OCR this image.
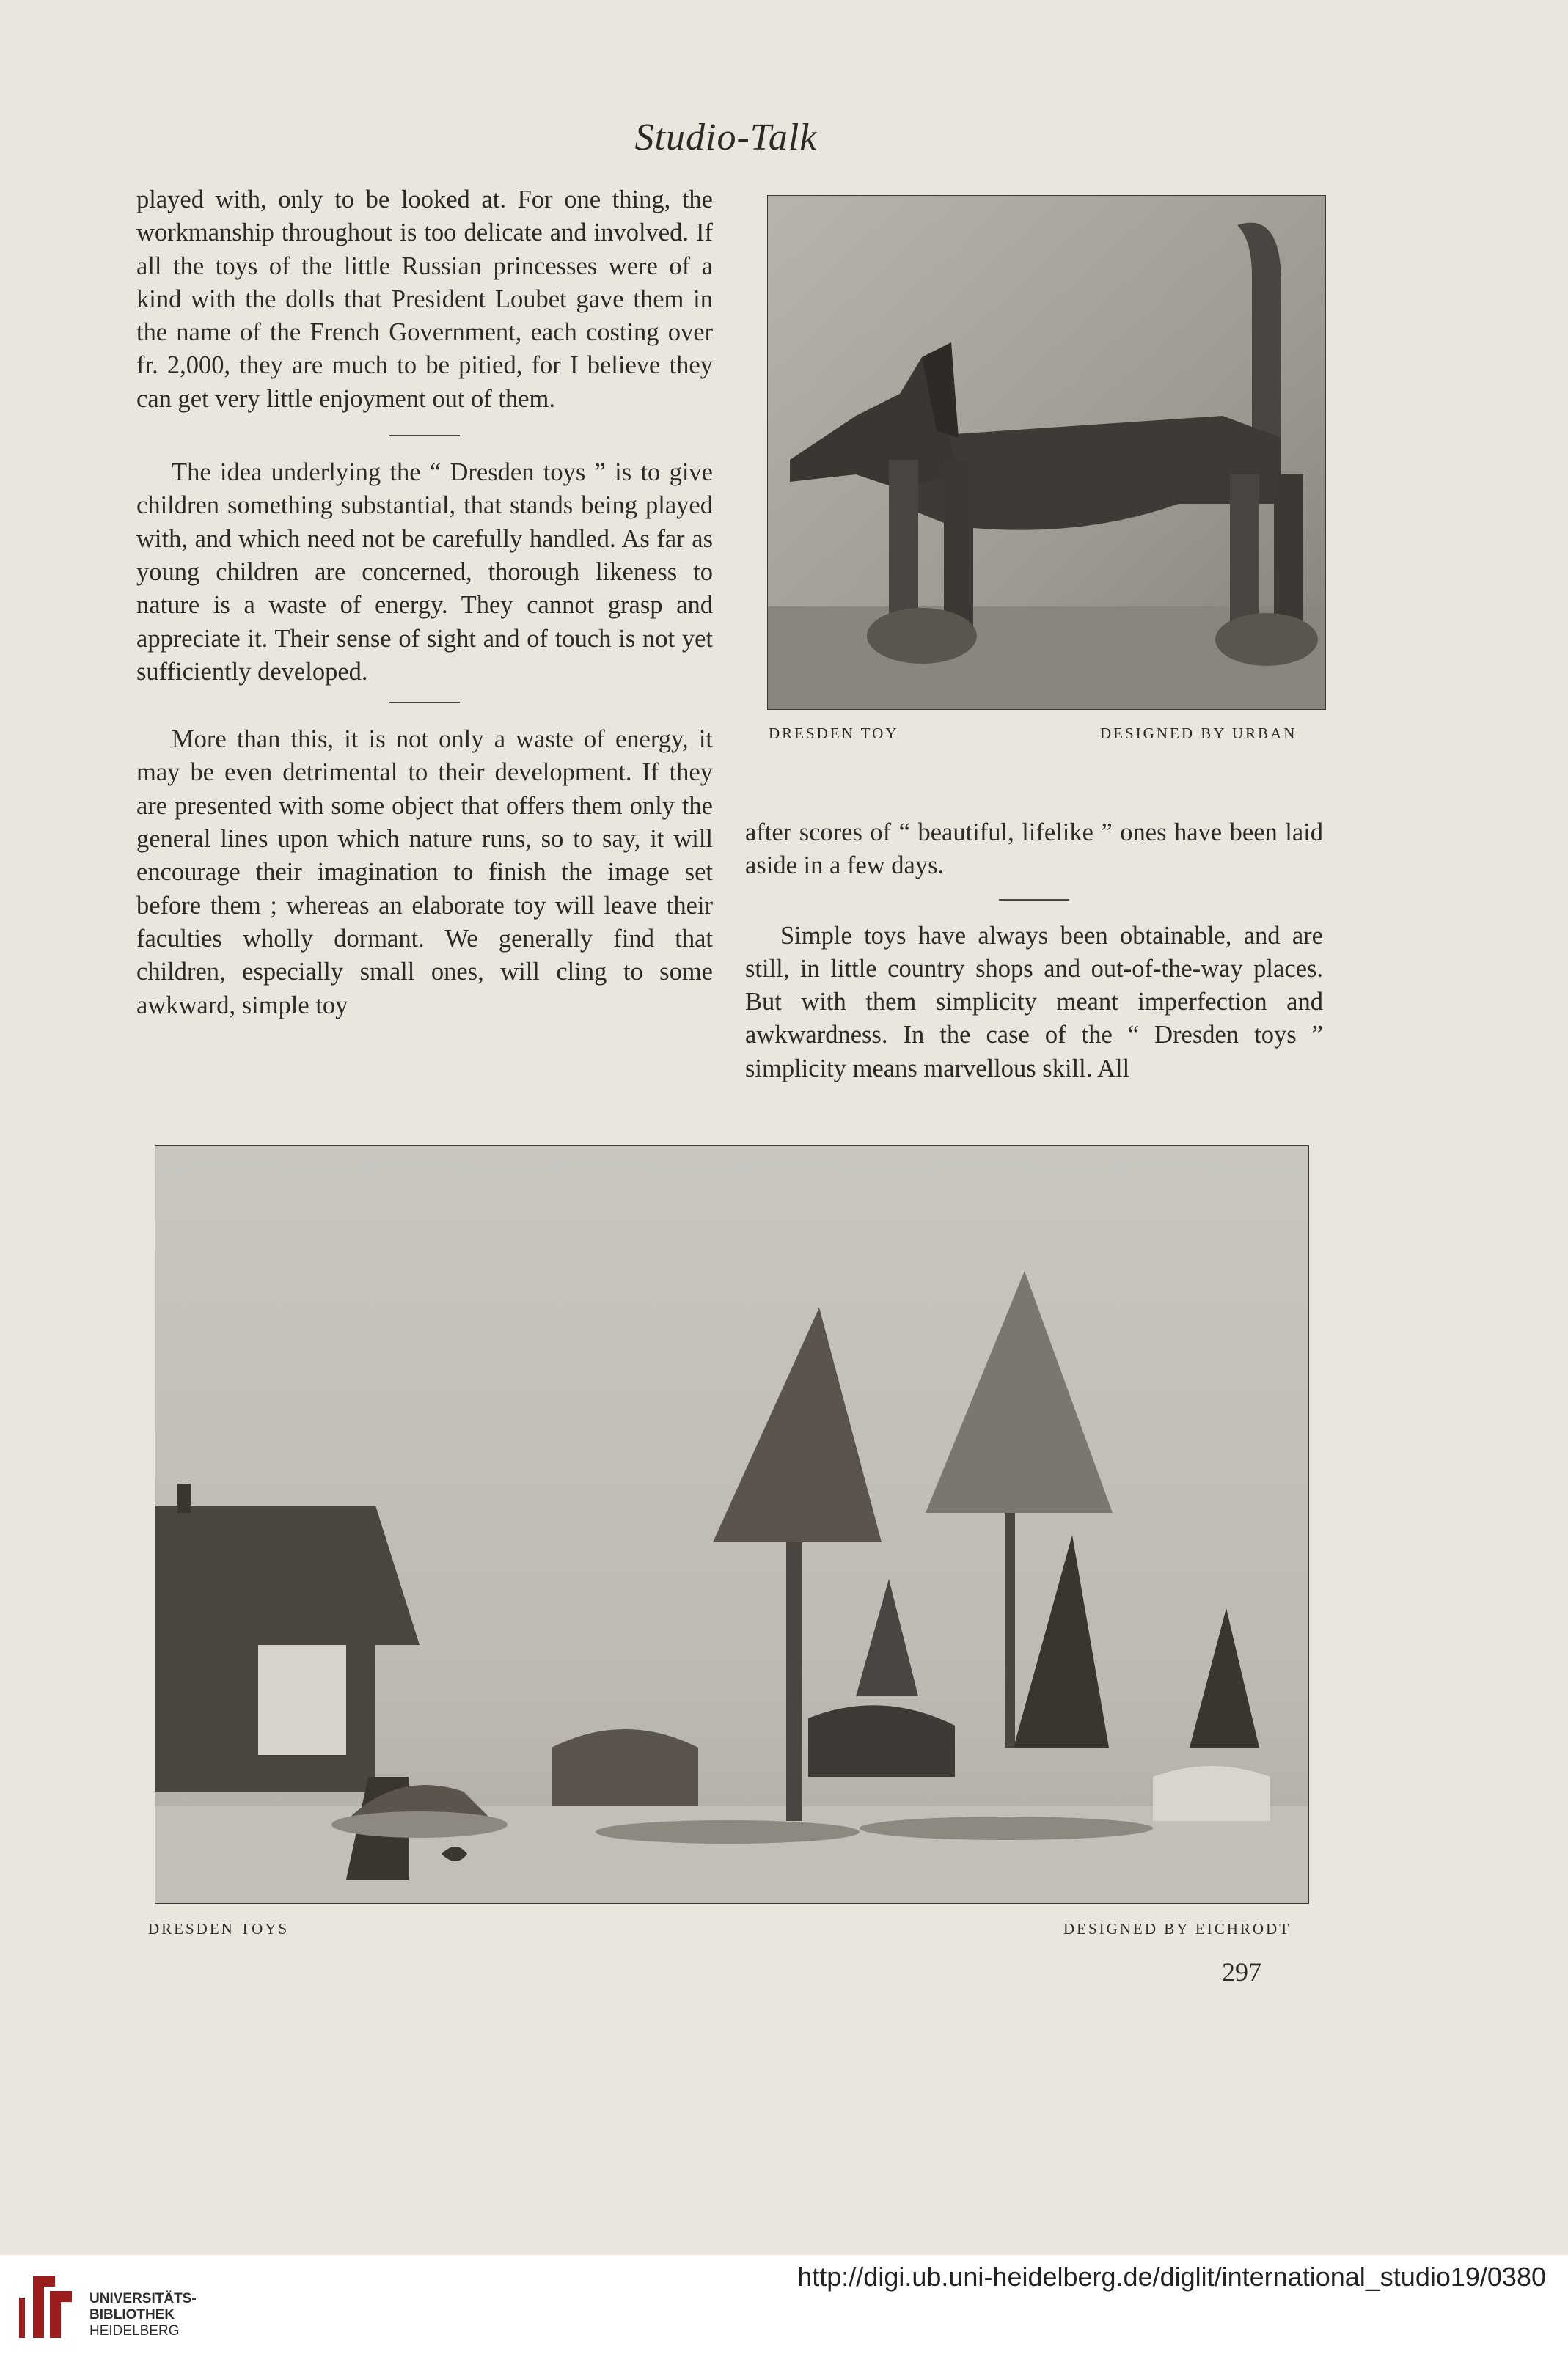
Studio-Talk

played with, only to be looked at. For one thing, the workmanship throughout is too delicate and involved. If all the toys of the little Russian princesses were of a kind with the dolls that President Loubet gave them in the name of the French Government, each costing over fr. 2,000, they are much to be pitied, for I believe they can get very little enjoyment out of them.

The idea underlying the “ Dresden toys ” is to give children something substantial, that stands being played with, and which need not be carefully handled. As far as young children are concerned, thorough likeness to nature is a waste of energy. They cannot grasp and appreciate it. Their sense of sight and of touch is not yet sufficiently developed.

More than this, it is not only a waste of energy, it may be even detrimental to their development. If they are presented with some object that offers them only the general lines upon which nature runs, so to say, it will encourage their imagination to finish the image set before them ; whereas an elaborate toy will leave their faculties wholly dormant. We generally find that children, especially small ones, will cling to some awkward, simple toy

DRESDEN TOY	DESIGNED BY URBAN

after scores of “ beautiful, lifelike ” ones have been laid aside in a few days.

Simple toys have always been obtainable, and are still, in little country shops and out-of-the-way places. But with them simplicity meant imperfection and awkwardness. In the case of the “ Dresden toys ” simplicity means marvellous skill. All

DRESDEN TOYS	DESIGNED BY EICHRODT
297
UNIVERSITÄTS-
BIBLIOTHEK
HEIDELBERG
http://digi.ub.uni-heidelberg.de/diglit/international_studio19/0380
